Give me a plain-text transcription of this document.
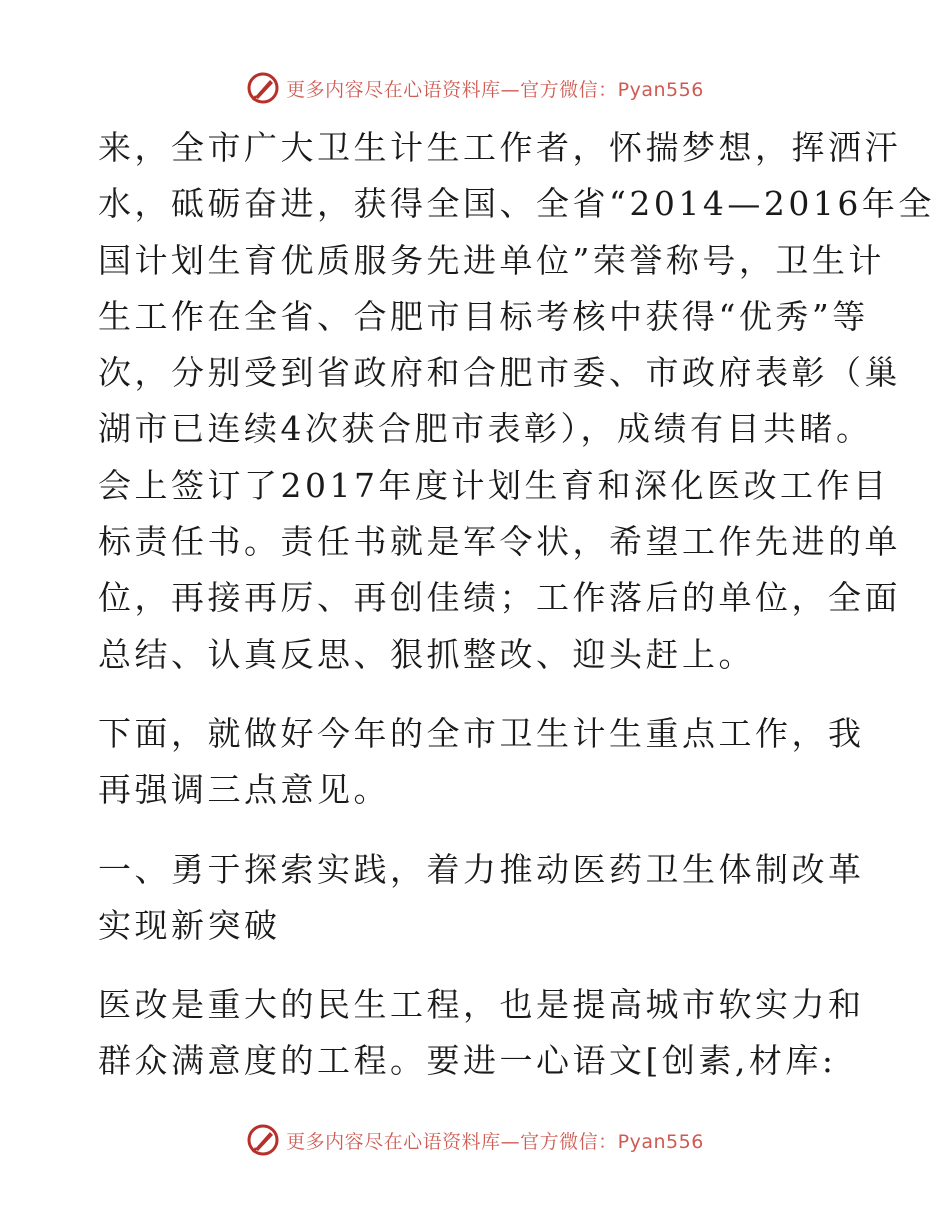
更多内容尽在心语资料库—官方微信：Pyan556

来，全市广大卫生计生工作者，怀揣梦想，挥洒汗
水，砥砺奋进，获得全国、全省“2014—2016年全
国计划生育优质服务先进单位”荣誉称号，卫生计
生工作在全省、合肥市目标考核中获得“优秀”等
次，分别受到省政府和合肥市委、市政府表彰（巢
湖市已连续4次获合肥市表彰），成绩有目共睹。
会上签订了2017年度计划生育和深化医改工作目
标责任书。责任书就是军令状，希望工作先进的单
位，再接再厉、再创佳绩；工作落后的单位，全面
总结、认真反思、狠抓整改、迎头赶上。

下面，就做好今年的全市卫生计生重点工作，我
再强调三点意见。

一、勇于探索实践，着力推动医药卫生体制改革
实现新突破

医改是重大的民生工程，也是提高城市软实力和
群众满意度的工程。要进一心语文[创素,材库:

更多内容尽在心语资料库—官方微信：Pyan556
